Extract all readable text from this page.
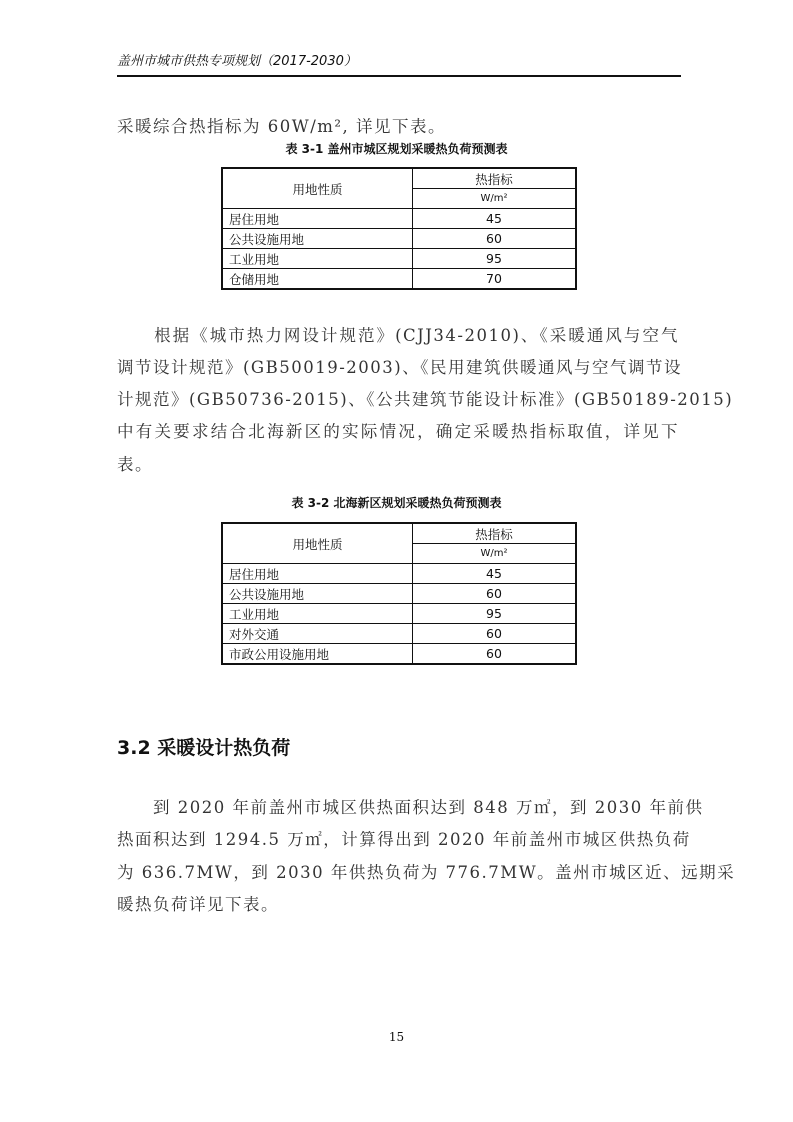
盖州市城市供热专项规划（2017-2030）
采暖综合热指标为 60W/m², 详见下表。
表 3-1 盖州市城区规划采暖热负荷预测表
用地性质	热指标
	W/m²
居住用地	45
公共设施用地	60
工业用地	95
仓储用地	70
　　根据《城市热力网设计规范》(CJJ34-2010)、《采暖通风与空气
调节设计规范》(GB50019-2003)、《民用建筑供暖通风与空气调节设
计规范》(GB50736-2015)、《公共建筑节能设计标准》(GB50189-2015)
中有关要求结合北海新区的实际情况，确定采暖热指标取值，详见下
表。
表 3-2 北海新区规划采暖热负荷预测表
用地性质	热指标
	W/m²
居住用地	45
公共设施用地	60
工业用地	95
对外交通	60
市政公用设施用地	60
3.2 采暖设计热负荷
　　到 2020 年前盖州市城区供热面积达到 848 万㎡，到 2030 年前供
热面积达到 1294.5 万㎡，计算得出到 2020 年前盖州市城区供热负荷
为 636.7MW，到 2030 年供热负荷为 776.7MW。盖州市城区近、远期采
暖热负荷详见下表。
15
